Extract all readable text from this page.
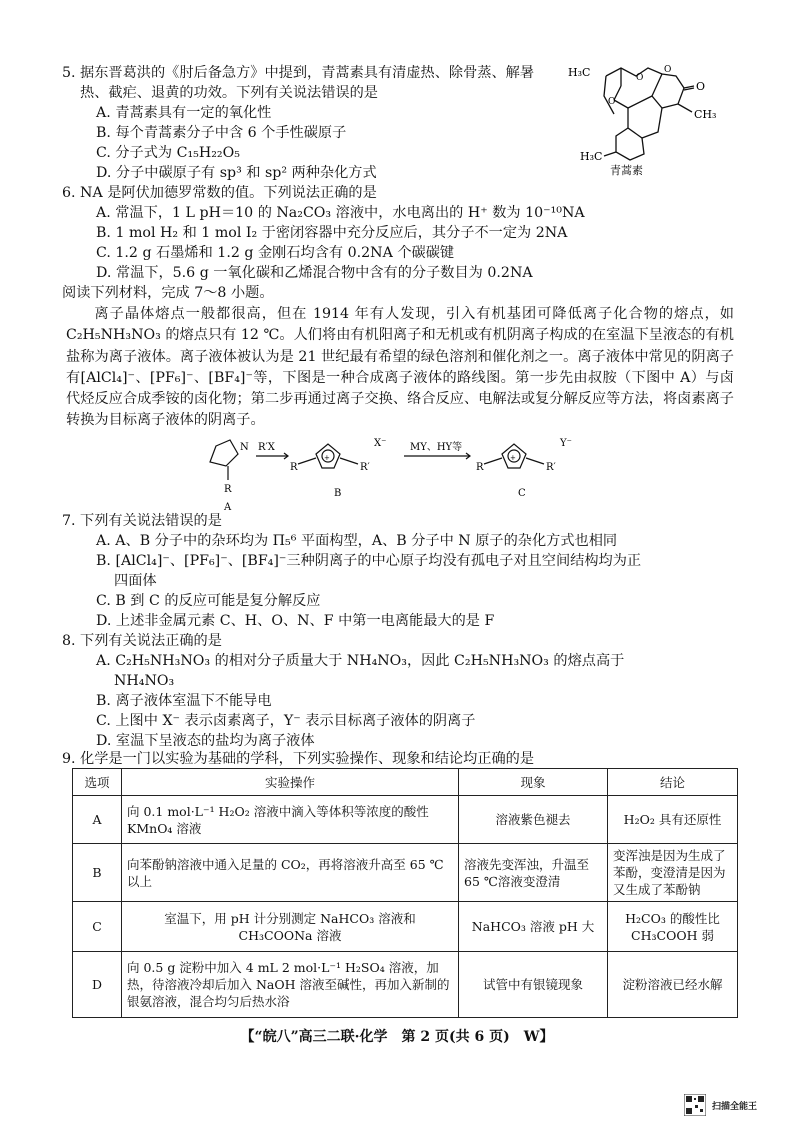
5. 据东晋葛洪的《肘后备急方》中提到，青蒿素具有清虚热、除骨蒸、解暑
热、截疟、退黄的功效。下列有关说法错误的是
A. 青蒿素具有一定的氧化性
B. 每个青蒿素分子中含 6 个手性碳原子
C. 分子式为 C₁₅H₂₂O₅
D. 分子中碳原子有 sp³ 和 sp² 两种杂化方式
H₃C
O
CH₃
H₃C
O
O
O
青蒿素
6. NA 是阿伏加德罗常数的值。下列说法正确的是
A. 常温下，1 L pH＝10 的 Na₂CO₃ 溶液中，水电离出的 H⁺ 数为 10⁻¹⁰NA
B. 1 mol H₂ 和 1 mol I₂ 于密闭容器中充分反应后，其分子不一定为 2NA
C. 1.2 g 石墨烯和 1.2 g 金刚石均含有 0.2NA 个碳碳键
D. 常温下，5.6 g 一氧化碳和乙烯混合物中含有的分子数目为 0.2NA
阅读下列材料，完成 7～8 小题。
离子晶体熔点一般都很高，但在 1914 年有人发现，引入有机基团可降低离子化合物的熔点，如 C₂H₅NH₃NO₃ 的熔点只有 12 ℃。人们将由有机阳离子和无机或有机阴离子构成的在室温下呈液态的有机盐称为离子液体。离子液体被认为是 21 世纪最有希望的绿色溶剂和催化剂之一。离子液体中常见的阴离子有[AlCl₄]⁻、[PF₆]⁻、[BF₄]⁻等，下图是一种合成离子液体的路线图。第一步先由叔胺（下图中 A）与卤代烃反应合成季铵的卤化物；第二步再通过离子交换、络合反应、电解法或复分解反应等方法，将卤素离子转换为目标离子液体的阴离子。
N
R
A
R′X
R
+
R′
X⁻
B
MY、HY等
R
+
R′
Y⁻
C
7. 下列有关说法错误的是
A. A、B 分子中的杂环均为 Π₅⁶ 平面构型，A、B 分子中 N 原子的杂化方式也相同
B. [AlCl₄]⁻、[PF₆]⁻、[BF₄]⁻三种阴离子的中心原子均没有孤电子对且空间结构均为正
四面体
C. B 到 C 的反应可能是复分解反应
D. 上述非金属元素 C、H、O、N、F 中第一电离能最大的是 F
8. 下列有关说法正确的是
A. C₂H₅NH₃NO₃ 的相对分子质量大于 NH₄NO₃，因此 C₂H₅NH₃NO₃ 的熔点高于
NH₄NO₃
B. 离子液体室温下不能导电
C. 上图中 X⁻ 表示卤素离子，Y⁻ 表示目标离子液体的阴离子
D. 室温下呈液态的盐均为离子液体
9. 化学是一门以实验为基础的学科，下列实验操作、现象和结论均正确的是
选项	实验操作	现象	结论
A	向 0.1 mol·L⁻¹ H₂O₂ 溶液中滴入等体积等浓度的酸性 KMnO₄ 溶液	溶液紫色褪去	H₂O₂ 具有还原性
B	向苯酚钠溶液中通入足量的 CO₂，再将溶液升高至 65 ℃以上	溶液先变浑浊，升温至 65 ℃溶液变澄清	变浑浊是因为生成了苯酚，变澄清是因为又生成了苯酚钠
C	室温下，用 pH 计分别测定 NaHCO₃ 溶液和 CH₃COONa 溶液	NaHCO₃ 溶液 pH 大	H₂CO₃ 的酸性比 CH₃COOH 弱
D	向 0.5 g 淀粉中加入 4 mL 2 mol·L⁻¹ H₂SO₄ 溶液，加热，待溶液冷却后加入 NaOH 溶液至碱性，再加入新制的银氨溶液，混合均匀后热水浴	试管中有银镜现象	淀粉溶液已经水解
【“皖八”高三二联·化学　第 2 页(共 6 页)　W】
扫描全能王
